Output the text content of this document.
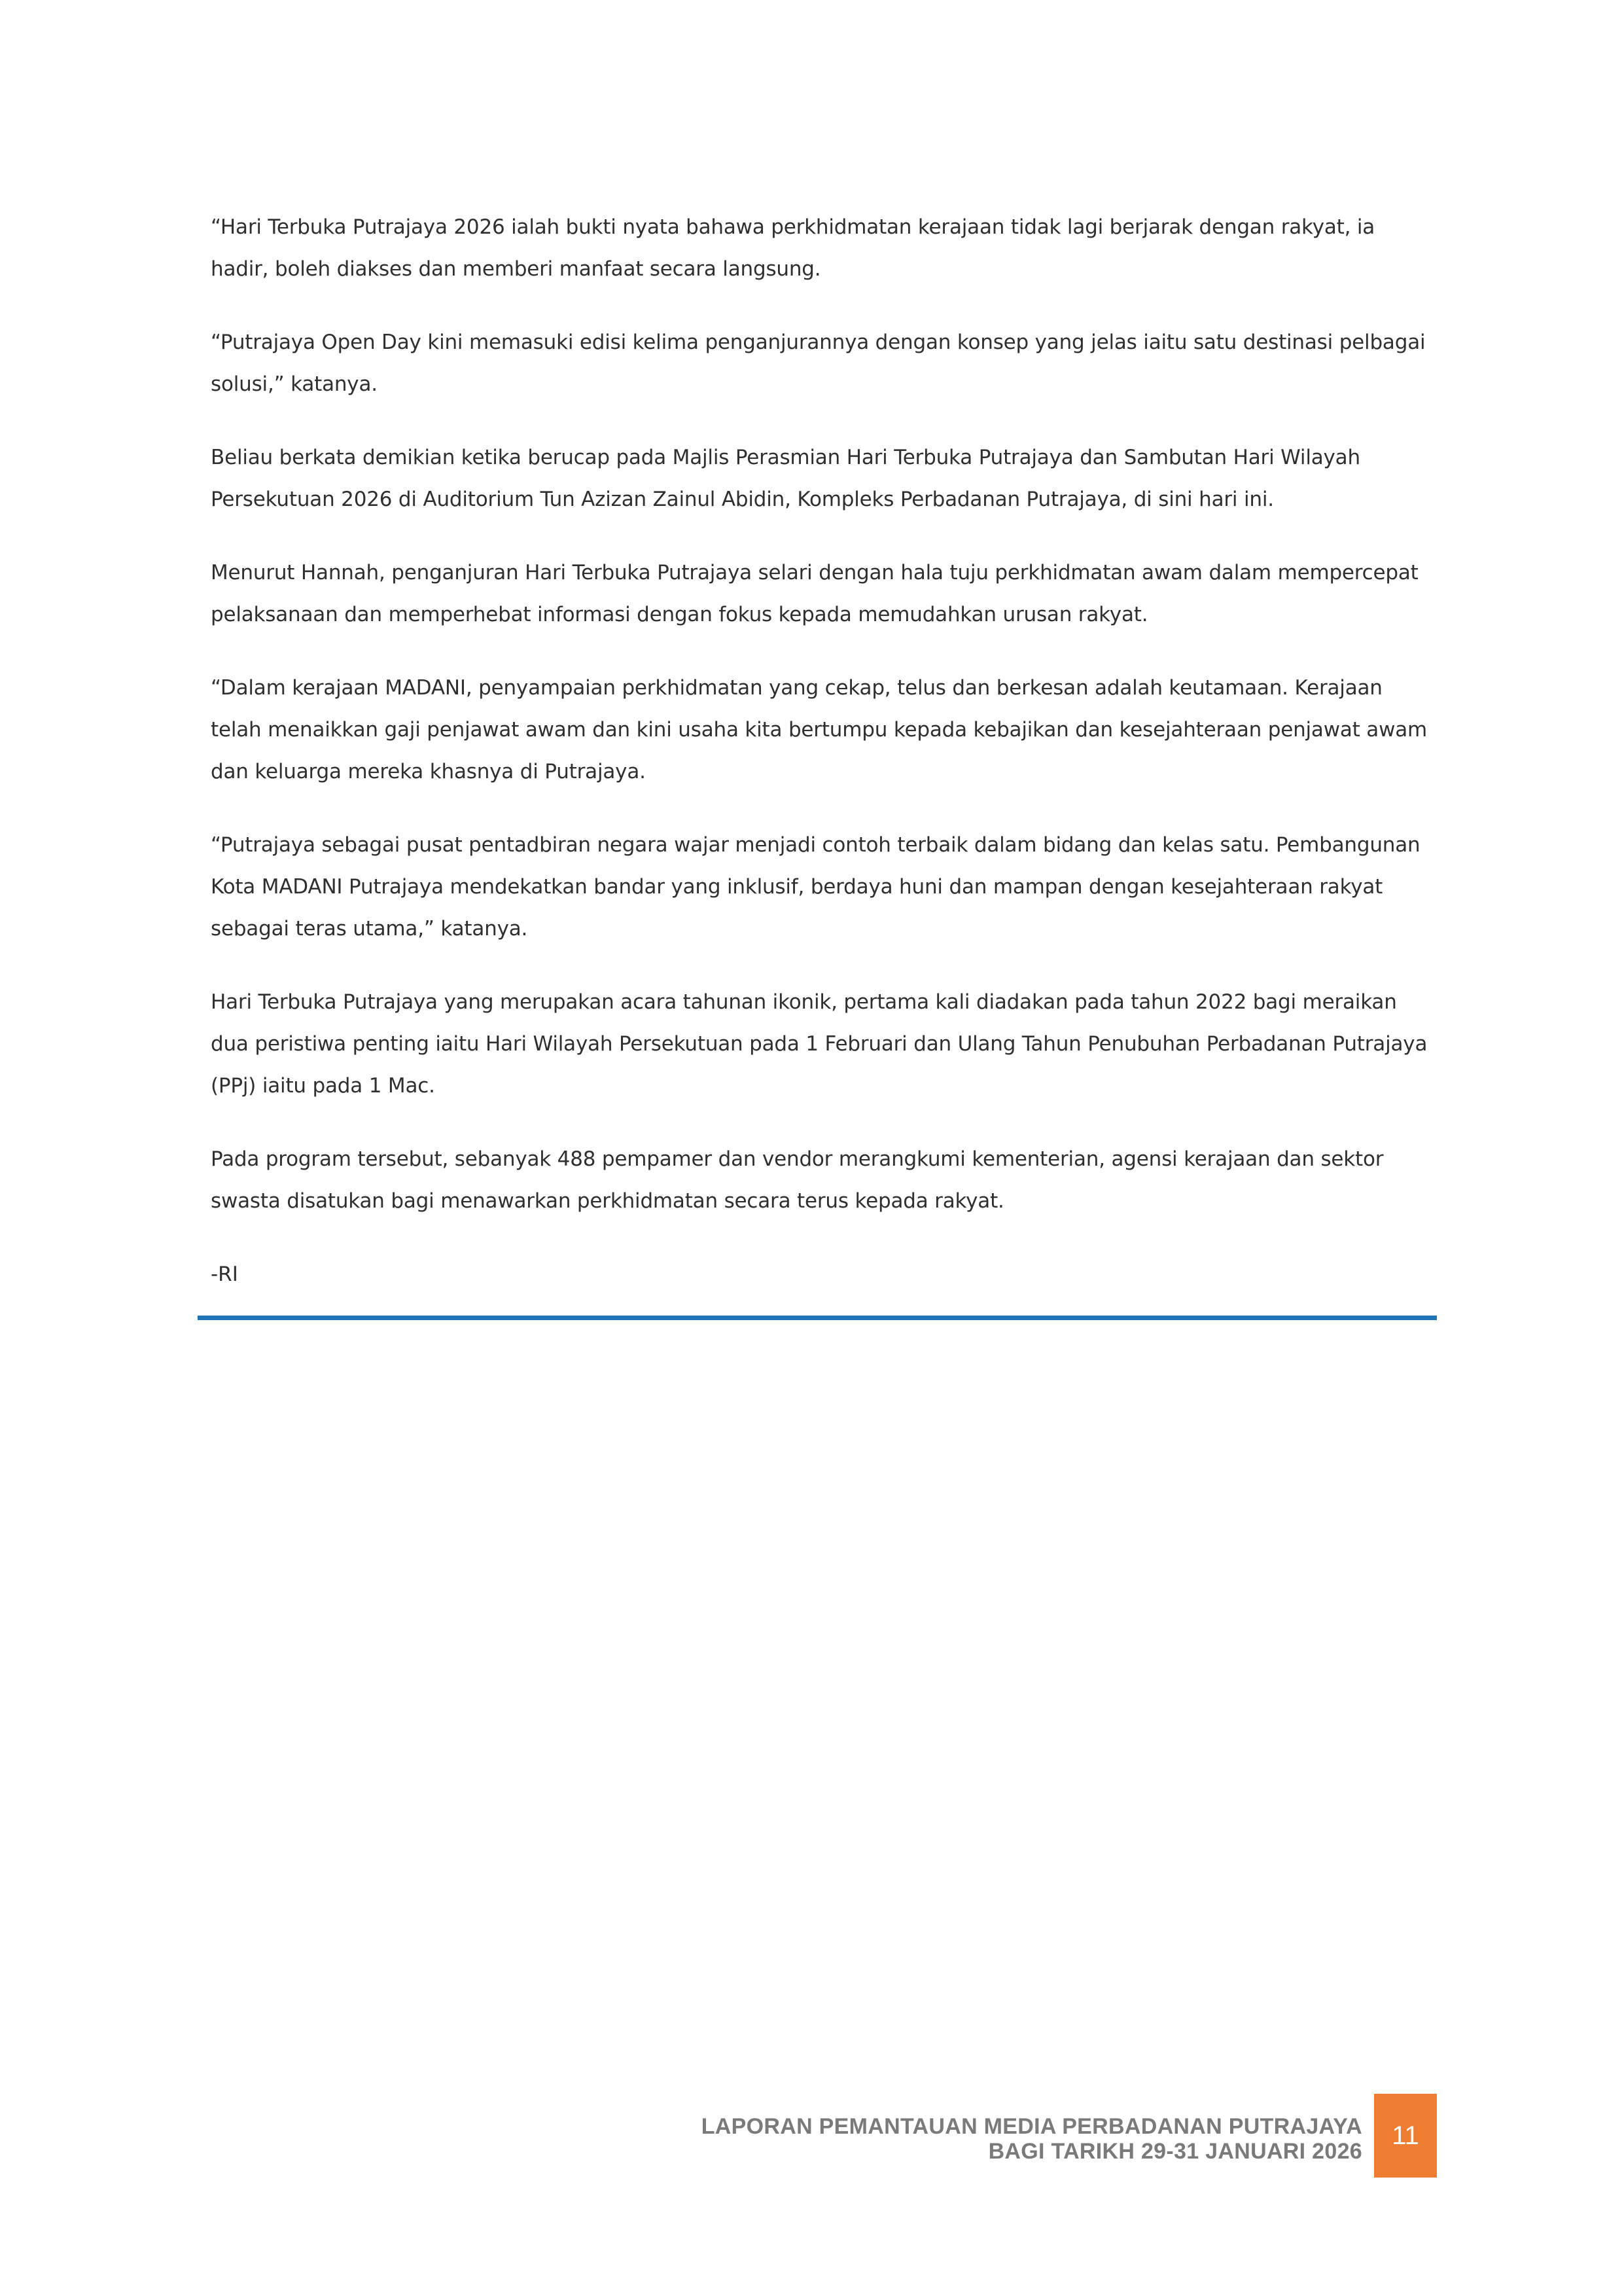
“Hari Terbuka Putrajaya 2026 ialah bukti nyata bahawa perkhidmatan kerajaan tidak lagi berjarak dengan rakyat, ia hadir, boleh diakses dan memberi manfaat secara langsung.

“Putrajaya Open Day kini memasuki edisi kelima penganjurannya dengan konsep yang jelas iaitu satu destinasi pelbagai solusi,” katanya.

Beliau berkata demikian ketika berucap pada Majlis Perasmian Hari Terbuka Putrajaya dan Sambutan Hari Wilayah Persekutuan 2026 di Auditorium Tun Azizan Zainul Abidin, Kompleks Perbadanan Putrajaya, di sini hari ini.

Menurut Hannah, penganjuran Hari Terbuka Putrajaya selari dengan hala tuju perkhidmatan awam dalam mempercepat pelaksanaan dan memperhebat informasi dengan fokus kepada memudahkan urusan rakyat.

“Dalam kerajaan MADANI, penyampaian perkhidmatan yang cekap, telus dan berkesan adalah keutamaan. Kerajaan telah menaikkan gaji penjawat awam dan kini usaha kita bertumpu kepada kebajikan dan kesejahteraan penjawat awam dan keluarga mereka khasnya di Putrajaya.

“Putrajaya sebagai pusat pentadbiran negara wajar menjadi contoh terbaik dalam bidang dan kelas satu. Pembangunan Kota MADANI Putrajaya mendekatkan bandar yang inklusif, berdaya huni dan mampan dengan kesejahteraan rakyat sebagai teras utama,” katanya.

Hari Terbuka Putrajaya yang merupakan acara tahunan ikonik, pertama kali diadakan pada tahun 2022 bagi meraikan dua peristiwa penting iaitu Hari Wilayah Persekutuan pada 1 Februari dan Ulang Tahun Penubuhan Perbadanan Putrajaya (PPj) iaitu pada 1 Mac.

Pada program tersebut, sebanyak 488 pempamer dan vendor merangkumi kementerian, agensi kerajaan dan sektor swasta disatukan bagi menawarkan perkhidmatan secara terus kepada rakyat.

-RI

LAPORAN PEMANTAUAN MEDIA PERBADANAN PUTRAJAYA
BAGI TARIKH 29-31 JANUARI 2026
11
